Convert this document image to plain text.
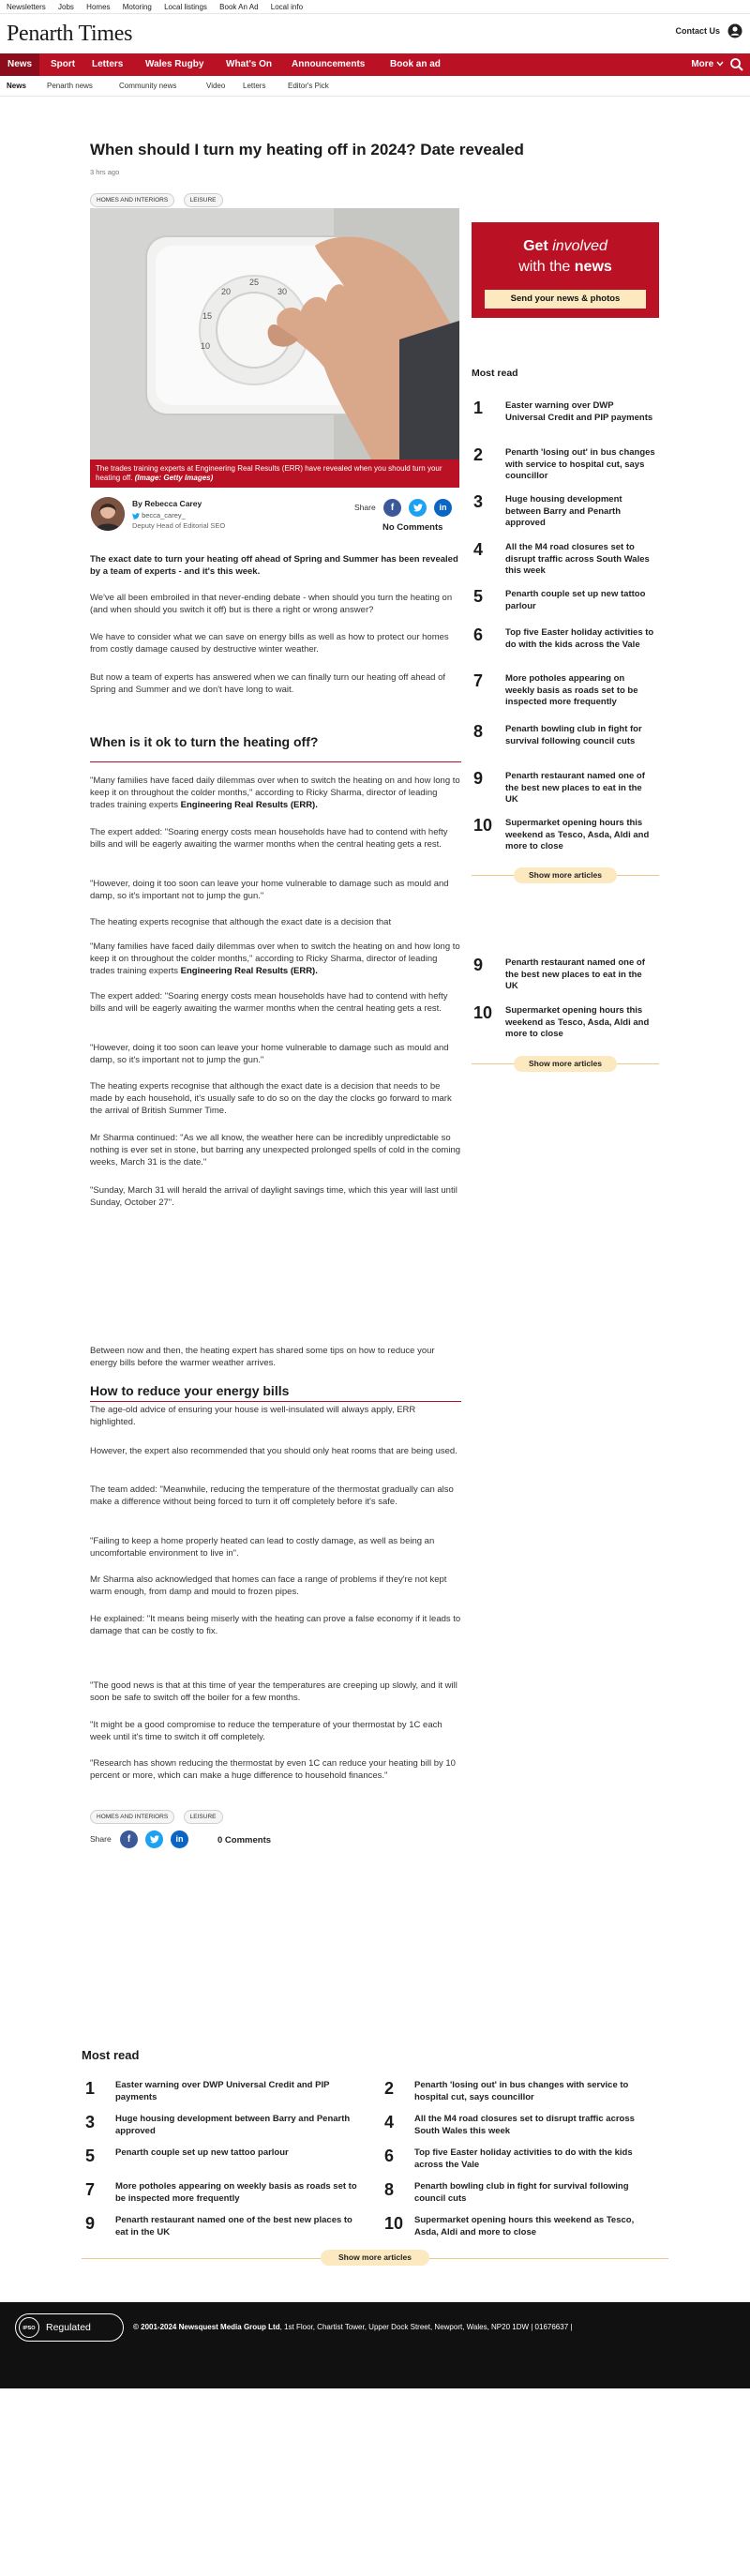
Newsletters Jobs Homes Motoring Local listings Book An Ad Local info
Penarth Times	Contact Us
News	Sport Letters Wales Rugby What's On Announcements	Book an ad	More
News	Penarth news	Community news	Video Letters	Editor's Pick
When should I turn my heating off in 2024? Date revealed
3 hrs ago
HOMES AND INTERIORS	LEISURE
10
15
20
25
30
The trades training experts at Engineering Real Results (ERR) have revealed when you should turn your heating off. (Image: Getty Images)
By Rebecca Carey
becca_carey_
Deputy Head of Editorial SEO
Share	f	in
No Comments

The exact date to turn your heating off ahead of Spring and Summer has been revealed by a team of experts - and it's this week.

We've all been embroiled in that never-ending debate - when should you turn the heating on (and when should you switch it off) but is there a right or wrong answer?

We have to consider what we can save on energy bills as well as how to protect our homes from costly damage caused by destructive winter weather.

But now a team of experts has answered when we can finally turn our heating off ahead of Spring and Summer and we don't have long to wait.

When is it ok to turn the heating off?

"Many families have faced daily dilemmas over when to switch the heating on and how long to keep it on throughout the colder months," according to Ricky Sharma, director of leading trades training experts Engineering Real Results (ERR).

The expert added: "Soaring energy costs mean households have had to contend with hefty bills and will be eagerly awaiting the warmer months when the central heating gets a rest.

"However, doing it too soon can leave your home vulnerable to damage such as mould and damp, so it's important not to jump the gun."

The heating experts recognise that although the exact date is a decision that

"Many families have faced daily dilemmas over when to switch the heating on and how long to keep it on throughout the colder months," according to Ricky Sharma, director of leading trades training experts Engineering Real Results (ERR).

The expert added: "Soaring energy costs mean households have had to contend with hefty bills and will be eagerly awaiting the warmer months when the central heating gets a rest.

"However, doing it too soon can leave your home vulnerable to damage such as mould and damp, so it's important not to jump the gun."

The heating experts recognise that although the exact date is a decision that needs to be made by each household, it's usually safe to do so on the day the clocks go forward to mark the arrival of British Summer Time.

Mr Sharma continued: "As we all know, the weather here can be incredibly unpredictable so nothing is ever set in stone, but barring any unexpected prolonged spells of cold in the coming weeks, March 31 is the date."

"Sunday, March 31 will herald the arrival of daylight savings time, which this year will last until Sunday, October 27".

Between now and then, the heating expert has shared some tips on how to reduce your energy bills before the warmer weather arrives.

How to reduce your energy bills

The age-old advice of ensuring your house is well-insulated will always apply, ERR highlighted.

However, the expert also recommended that you should only heat rooms that are being used.

The team added: "Meanwhile, reducing the temperature of the thermostat gradually can also make a difference without being forced to turn it off completely before it's safe.

"Failing to keep a home properly heated can lead to costly damage, as well as being an uncomfortable environment to live in".

Mr Sharma also acknowledged that homes can face a range of problems if they're not kept warm enough, from damp and mould to frozen pipes.

He explained: "It means being miserly with the heating can prove a false economy if it leads to damage that can be costly to fix.

"The good news is that at this time of year the temperatures are creeping up slowly, and it will soon be safe to switch off the boiler for a few months.

"It might be a good compromise to reduce the temperature of your thermostat by 1C each week until it's time to switch it off completely.

"Research has shown reducing the thermostat by even 1C can reduce your heating bill by 10 percent or more, which can make a huge difference to household finances."

HOMES AND INTERIORS	LEISURE
Share	f	in	0 Comments
Get involved
with the news
Send your news & photos
Most read
1	Easter warning over DWP Universal Credit and PIP payments
2	Penarth 'losing out' in bus changes with service to hospital cut, says councillor
3	Huge housing development between Barry and Penarth approved
4	All the M4 road closures set to disrupt traffic across South Wales this week
5	Penarth couple set up new tattoo parlour
6	Top five Easter holiday activities to do with the kids across the Vale
7	More potholes appearing on weekly basis as roads set to be inspected more frequently
8	Penarth bowling club in fight for survival following council cuts
9	Penarth restaurant named one of the best new places to eat in the UK
10 Supermarket opening hours this weekend as Tesco, Asda, Aldi and more to close
Show more articles
9	Penarth restaurant named one of the best new places to eat in the UK
10 Supermarket opening hours this weekend as Tesco, Asda, Aldi and more to close
Show more articles
Most read
1 Easter warning over DWP Universal Credit and PIP payments	2 Penarth 'losing out' in bus changes with service to hospital cut, says councillor
3 Huge housing development between Barry and Penarth approved	4 All the M4 road closures set to disrupt traffic across South Wales this week
5 Penarth couple set up new tattoo parlour	6 Top five Easter holiday activities to do with the kids across the Vale
7 More potholes appearing on weekly basis as roads set to be inspected more frequently	8 Penarth bowling club in fight for survival following council cuts
9 Penarth restaurant named one of the best new places to eat in the UK	10 Supermarket opening hours this weekend as Tesco, Asda, Aldi and more to close
Show more articles
IPSO	Regulated	© 2001-2024 Newsquest Media Group Ltd, 1st Floor, Chartist Tower, Upper Dock Street, Newport, Wales, NP20 1DW | 01676637 |
